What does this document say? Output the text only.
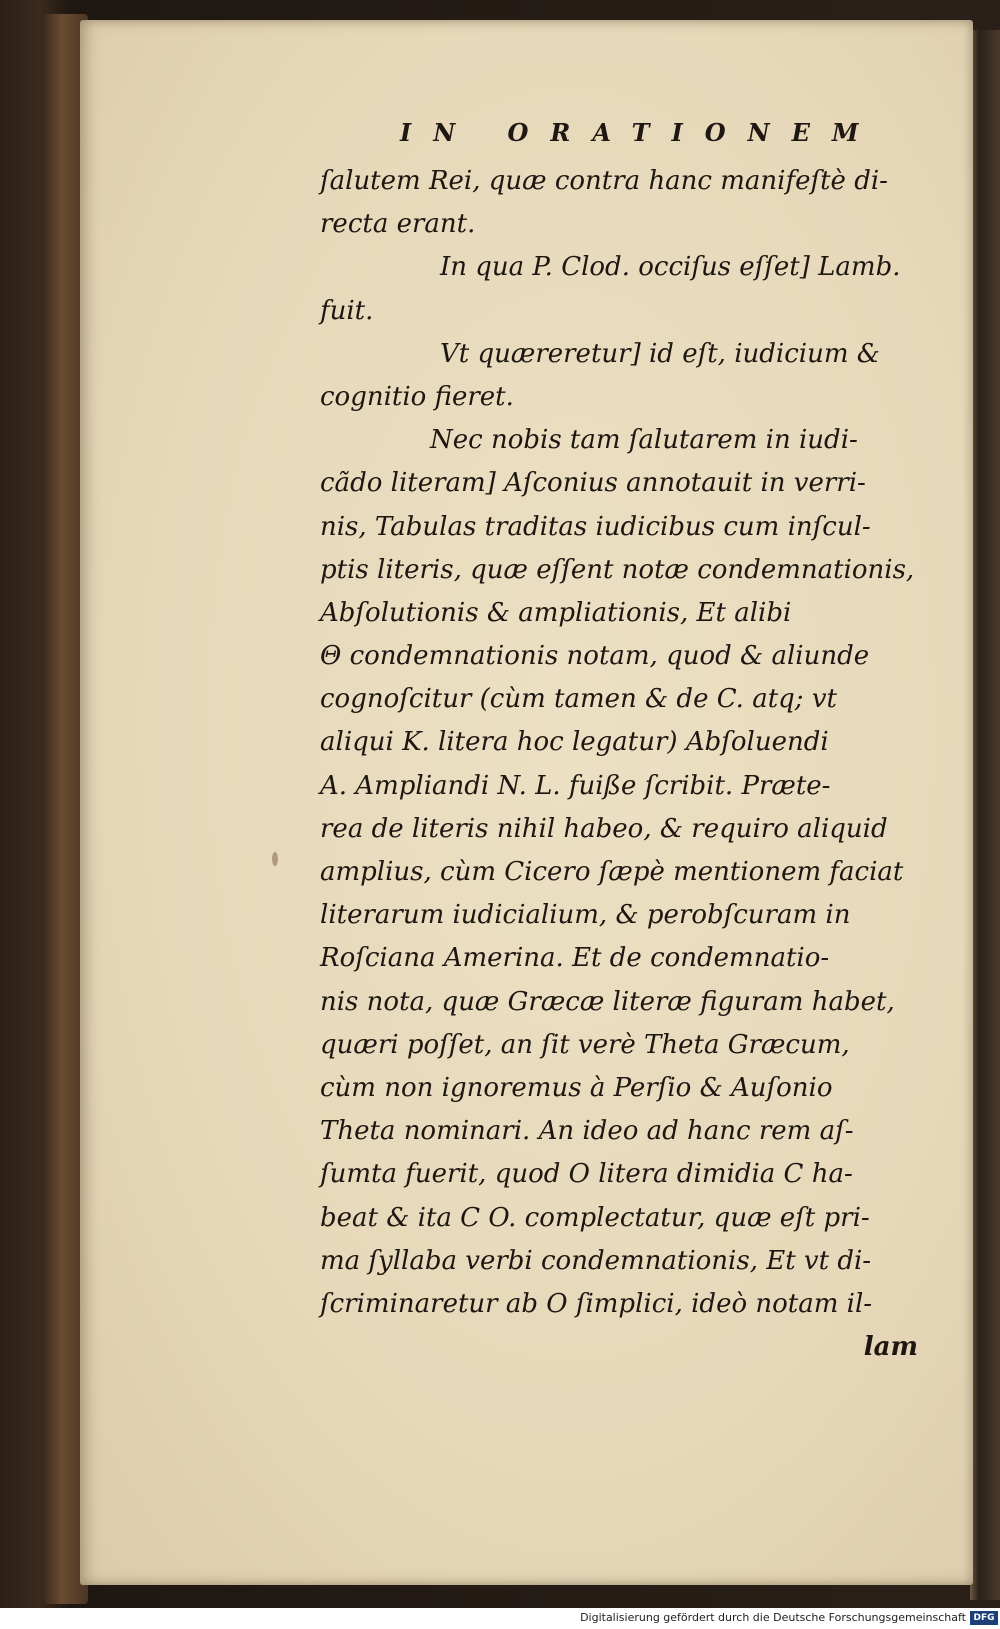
IN ORATIONEM
ſalutem Rei, quæ contra hanc manifeſtè di-
recta erant.
In qua P. Clod. occiſus eſſet] Lamb.
fuit.
Vt quæreretur] id eſt, iudicium &
cognitio fieret.
Nec nobis tam ſalutarem in iudi-
cãdo literam] Aſconius annotauit in verri-
nis, Tabulas traditas iudicibus cum inſcul-
ptis literis, quæ eſſent notæ condemnationis,
Abſolutionis & ampliationis, Et alibi
Θ condemnationis notam, quod & aliunde
cognoſcitur (cùm tamen & de C. atq; vt
aliqui K. litera hoc legatur) Abſoluendi
A. Ampliandi N. L. fuiße ſcribit. Præte-
rea de literis nihil habeo, & requiro aliquid
amplius, cùm Cicero ſæpè mentionem faciat
literarum iudicialium, & perobſcuram in
Roſciana Amerina. Et de condemnatio-
nis nota, quæ Græcæ literæ figuram habet,
quæri poſſet, an ſit verè Theta Græcum,
cùm non ignoremus à Perſio & Auſonio
Theta nominari. An ideo ad hanc rem aſ-
ſumta fuerit, quod O litera dimidia C ha-
beat & ita C O. complectatur, quæ eſt pri-
ma ſyllaba verbi condemnationis, Et vt di-
ſcriminaretur ab O ſimplici, ideò notam il-
lam
Digitalisierung gefördert durch die Deutsche Forschungsgemeinschaft DFG
